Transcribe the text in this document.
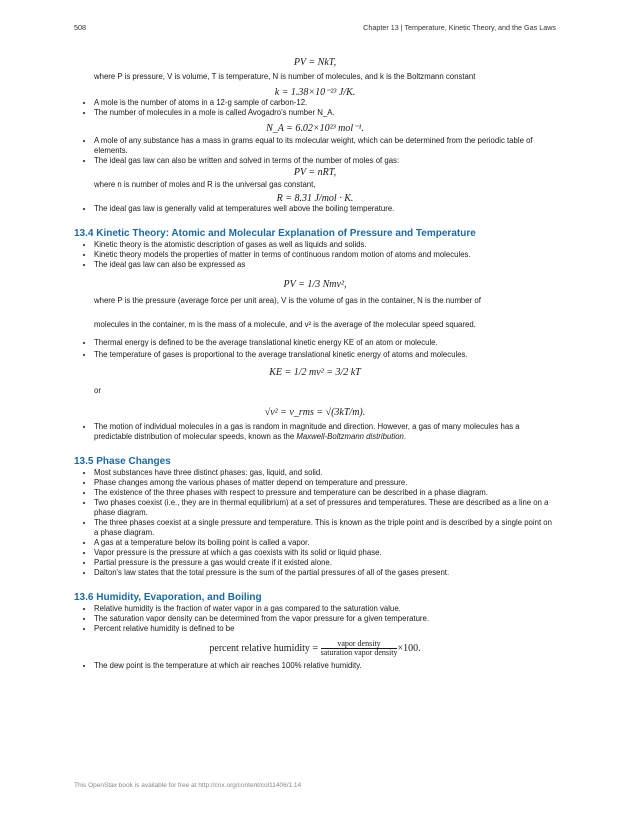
508	Chapter 13 | Temperature, Kinetic Theory, and the Gas Laws

PV = NkT,

where P is pressure, V is volume, T is temperature, N is number of molecules, and k is the Boltzmann constant

k = 1.38×10⁻²³ J/K.

• A mole is the number of atoms in a 12-g sample of carbon-12.
• The number of molecules in a mole is called Avogadro's number N_A.

N_A = 6.02×10²³ mol⁻¹.

• A mole of any substance has a mass in grams equal to its molecular weight, which can be determined from the periodic table of elements.
• The ideal gas law can also be written and solved in terms of the number of moles of gas:

PV = nRT,

where n is number of moles and R is the universal gas constant,

R = 8.31 J/mol · K.

• The ideal gas law is generally valid at temperatures well above the boiling temperature.
13.4 Kinetic Theory: Atomic and Molecular Explanation of Pressure and Temperature
• Kinetic theory is the atomistic description of gases as well as liquids and solids.
• Kinetic theory models the properties of matter in terms of continuous random motion of atoms and molecules.
• The ideal gas law can also be expressed as

PV = 1/3 Nmv²,

where P is the pressure (average force per unit area), V is the volume of gas in the container, N is the number of

molecules in the container, m is the mass of a molecule, and v² is the average of the molecular speed squared.

• Thermal energy is defined to be the average translational kinetic energy KE of an atom or molecule.
• The temperature of gases is proportional to the average translational kinetic energy of atoms and molecules.

KE = 1/2 mv² = 3/2 kT

or

√v² = v_rms = √(3kT/m).

• The motion of individual molecules in a gas is random in magnitude and direction. However, a gas of many molecules has a predictable distribution of molecular speeds, known as the Maxwell-Boltzmann distribution.
13.5 Phase Changes
• Most substances have three distinct phases: gas, liquid, and solid.
• Phase changes among the various phases of matter depend on temperature and pressure.
• The existence of the three phases with respect to pressure and temperature can be described in a phase diagram.
• Two phases coexist (i.e., they are in thermal equilibrium) at a set of pressures and temperatures. These are described as a line on a phase diagram.
• The three phases coexist at a single pressure and temperature. This is known as the triple point and is described by a single point on a phase diagram.
• A gas at a temperature below its boiling point is called a vapor.
• Vapor pressure is the pressure at which a gas coexists with its solid or liquid phase.
• Partial pressure is the pressure a gas would create if it existed alone.
• Dalton's law states that the total pressure is the sum of the partial pressures of all of the gases present.
13.6 Humidity, Evaporation, and Boiling
• Relative humidity is the fraction of water vapor in a gas compared to the saturation value.
• The saturation vapor density can be determined from the vapor pressure for a given temperature.
• Percent relative humidity is defined to be

percent relative humidity = $\frac{\text{vapor density}}{\text{saturation vapor density}} \times 100$.

• The dew point is the temperature at which air reaches 100% relative humidity.
This OpenStax book is available for free at http://cnx.org/content/col11406/1.14
